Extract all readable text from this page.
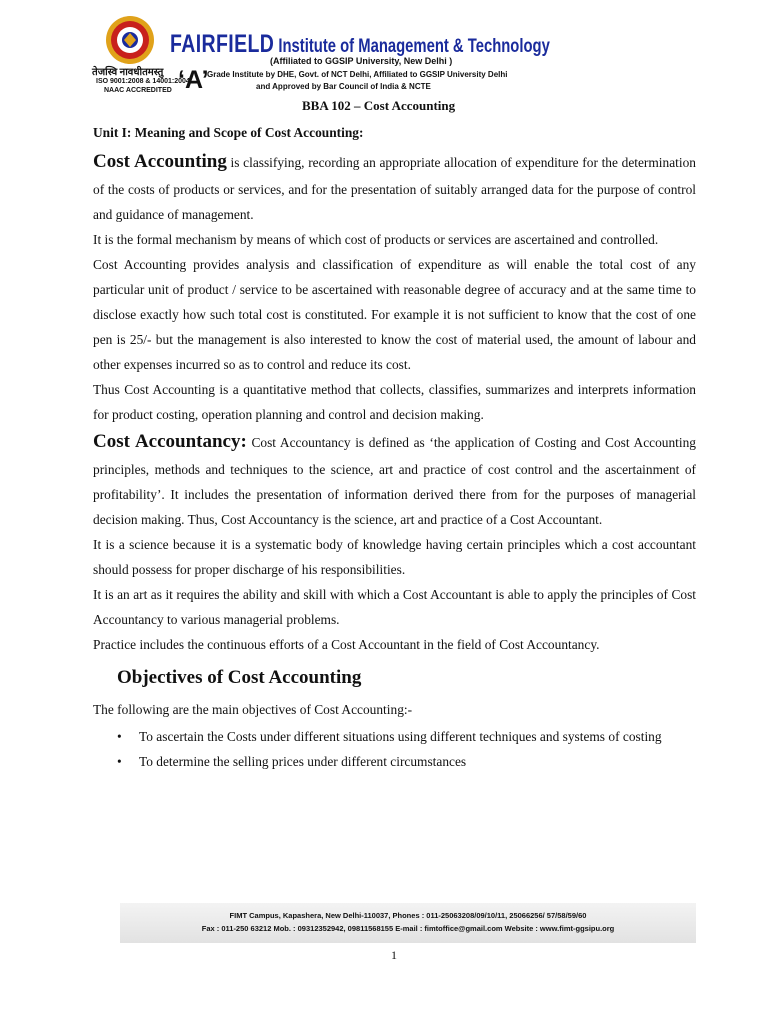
तेजस्वि नावधीतमस्तु
ISO 9001:2008 & 14001:2004
NAAC ACCREDITED
FAIRFIELD Institute of Management & Technology
(Affiliated to GGSIP University, New Delhi )
‘A’
Grade Institute by DHE, Govt. of NCT Delhi, Affiliated to GGSIP University Delhi
and Approved by Bar Council of India & NCTE
BBA 102 – Cost Accounting

Unit I: Meaning and Scope of Cost Accounting:

Cost Accounting is classifying, recording an appropriate allocation of expenditure for the determination of the costs of products or services, and for the presentation of suitably arranged data for the purpose of control and guidance of management.

It is the formal mechanism by means of which cost of products or services are ascertained and controlled.

Cost Accounting provides analysis and classification of expenditure as will enable the total cost of any particular unit of product / service to be ascertained with reasonable degree of accuracy and at the same time to disclose exactly how such total cost is constituted. For example it is not sufficient to know that the cost of one pen is 25/- but the management is also interested to know the cost of material used, the amount of labour and other expenses incurred so as to control and reduce its cost.

Thus Cost Accounting is a quantitative method that collects, classifies, summarizes and interprets information for product costing, operation planning and control and decision making.

Cost Accountancy: Cost Accountancy is defined as ‘the application of Costing and Cost Accounting principles, methods and techniques to the science, art and practice of cost control and the ascertainment of profitability’. It includes the presentation of information derived there from for the purposes of managerial decision making. Thus, Cost Accountancy is the science, art and practice of a Cost Accountant.

It is a science because it is a systematic body of knowledge having certain principles which a cost accountant should possess for proper discharge of his responsibilities.

It is an art as it requires the ability and skill with which a Cost Accountant is able to apply the principles of Cost Accountancy to various managerial problems.

Practice includes the continuous efforts of a Cost Accountant in the field of Cost Accountancy.

Objectives of Cost Accounting

The following are the main objectives of Cost Accounting:-

• To ascertain the Costs under different situations using different techniques and systems of costing
• To determine the selling prices under different circumstances
FIMT Campus, Kapashera, New Delhi-110037, Phones : 011-25063208/09/10/11, 25066256/ 57/58/59/60
Fax : 011-250 63212 Mob. : 09312352942, 09811568155 E-mail : fimtoffice@gmail.com Website : www.fimt-ggsipu.org
1
